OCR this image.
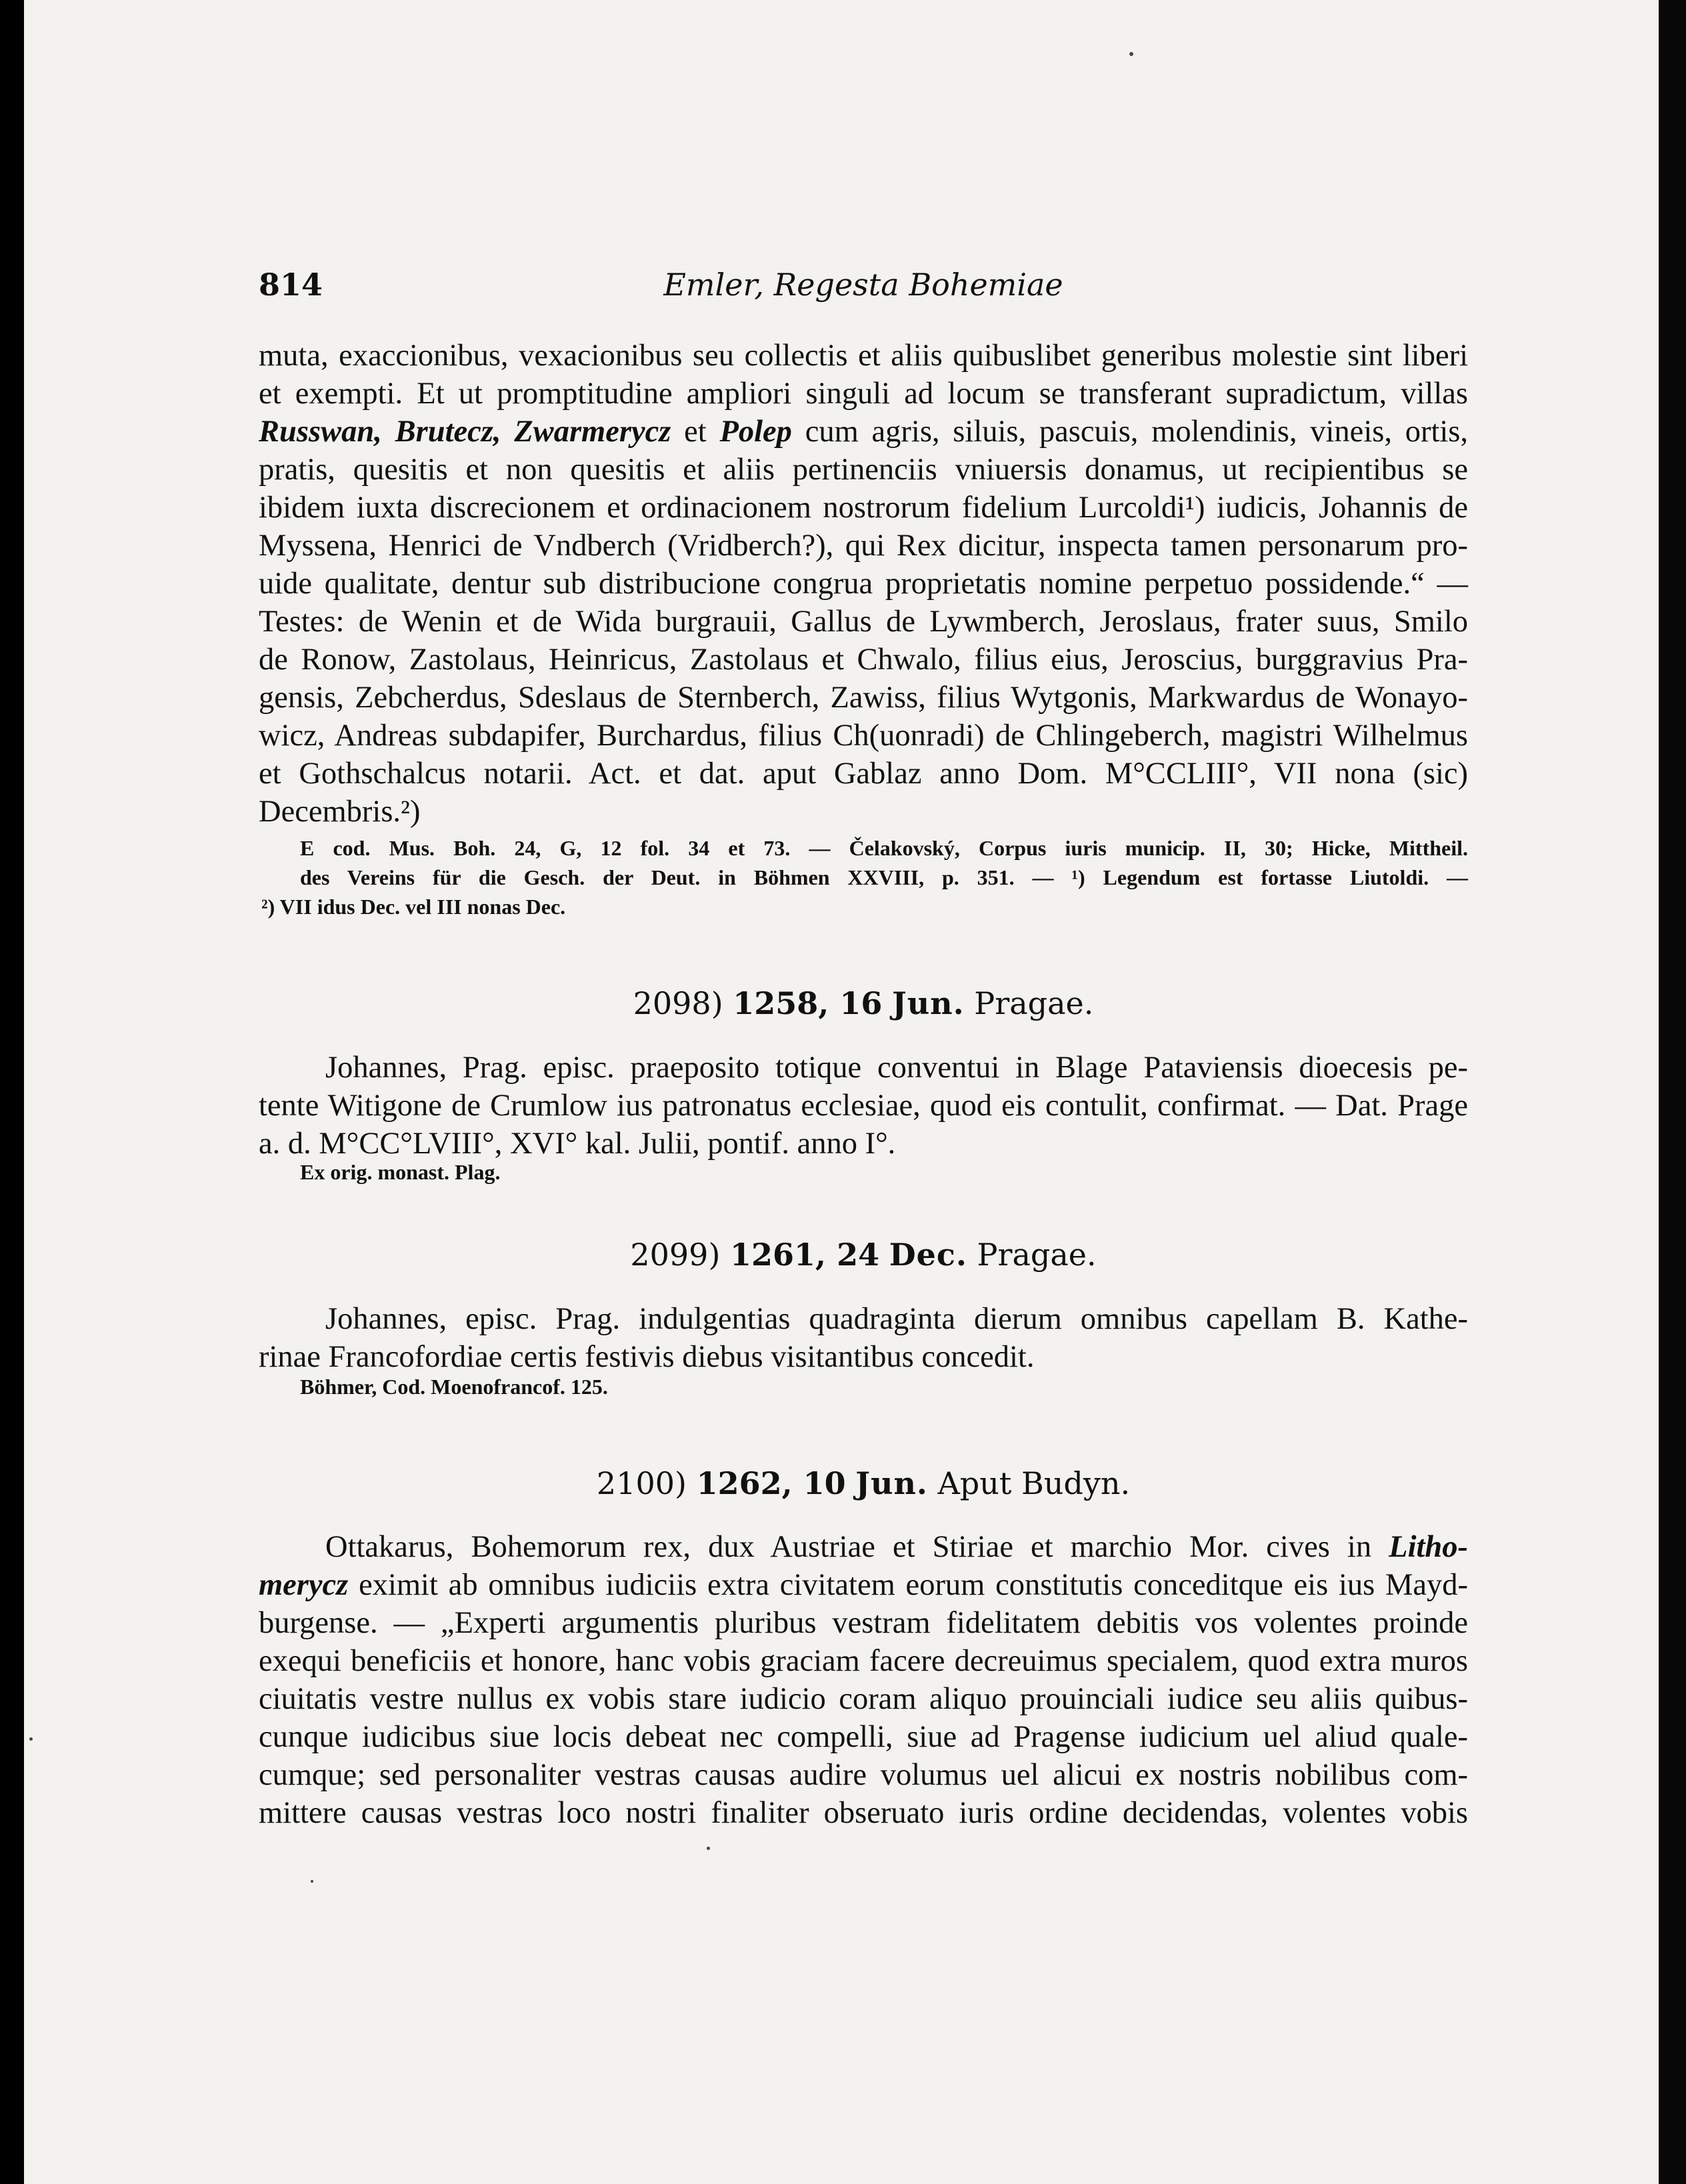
814	Emler, Regesta Bohemiae

muta, exaccionibus, vexacionibus seu collectis et aliis quibuslibet generibus molestie sint liberi
et exempti. Et ut promptitudine ampliori singuli ad locum se transferant supradictum, villas
Russwan, Brutecz, Zwarmerycz et Polep cum agris, siluis, pascuis, molendinis, vineis, ortis,
pratis, quesitis et non quesitis et aliis pertinenciis vniuersis donamus, ut recipientibus se
ibidem iuxta discrecionem et ordinacionem nostrorum fidelium Lurcoldi¹) iudicis, Johannis de
Myssena, Henrici de Vndberch (Vridberch?), qui Rex dicitur, inspecta tamen personarum pro-
uide qualitate, dentur sub distribucione congrua proprietatis nomine perpetuo possidende.“ —
Testes: de Wenin et de Wida burgrauii, Gallus de Lywmberch, Jeroslaus, frater suus, Smilo
de Ronow, Zastolaus, Heinricus, Zastolaus et Chwalo, filius eius, Jeroscius, burggravius Pra-
gensis, Zebcherdus, Sdeslaus de Sternberch, Zawiss, filius Wytgonis, Markwardus de Wonayo-
wicz, Andreas subdapifer, Burchardus, filius Ch(uonradi) de Chlingeberch, magistri Wilhelmus
et Gothschalcus notarii. Act. et dat. aput Gablaz anno Dom. M°CCLIII°, VII nona (sic)
Decembris.²)

E cod. Mus. Boh. 24, G, 12 fol. 34 et 73. — Čelakovský, Corpus iuris municip. II, 30; Hicke, Mittheil.
des Vereins für die Gesch. der Deut. in Böhmen XXVIII, p. 351. — ¹) Legendum est fortasse Liutoldi. —
²) VII idus Dec. vel III nonas Dec.

2098) 1258, 16 Jun. Pragae.

Johannes, Prag. episc. praeposito totique conventui in Blage Pataviensis dioecesis pe-
tente Witigone de Crumlow ius patronatus ecclesiae, quod eis contulit, confirmat. — Dat. Prage
a. d. M°CC°LVIII°, XVI° kal. Julii, pontif. anno I°.

Ex orig. monast. Plag.
2099) 1261, 24 Dec. Pragae.

Johannes, episc. Prag. indulgentias quadraginta dierum omnibus capellam B. Kathe-
rinae Francofordiae certis festivis diebus visitantibus concedit.

Böhmer, Cod. Moenofrancof. 125.
2100) 1262, 10 Jun. Aput Budyn.

Ottakarus, Bohemorum rex, dux Austriae et Stiriae et marchio Mor. cives in Litho-
merycz eximit ab omnibus iudiciis extra civitatem eorum constitutis conceditque eis ius Mayd-
burgense. — „Experti argumentis pluribus vestram fidelitatem debitis vos volentes proinde
exequi beneficiis et honore, hanc vobis graciam facere decreuimus specialem, quod extra muros
ciuitatis vestre nullus ex vobis stare iudicio coram aliquo prouinciali iudice seu aliis quibus-
cunque iudicibus siue locis debeat nec compelli, siue ad Pragense iudicium uel aliud quale-
cumque; sed personaliter vestras causas audire volumus uel alicui ex nostris nobilibus com-
mittere causas vestras loco nostri finaliter obseruato iuris ordine decidendas, volentes vobis
